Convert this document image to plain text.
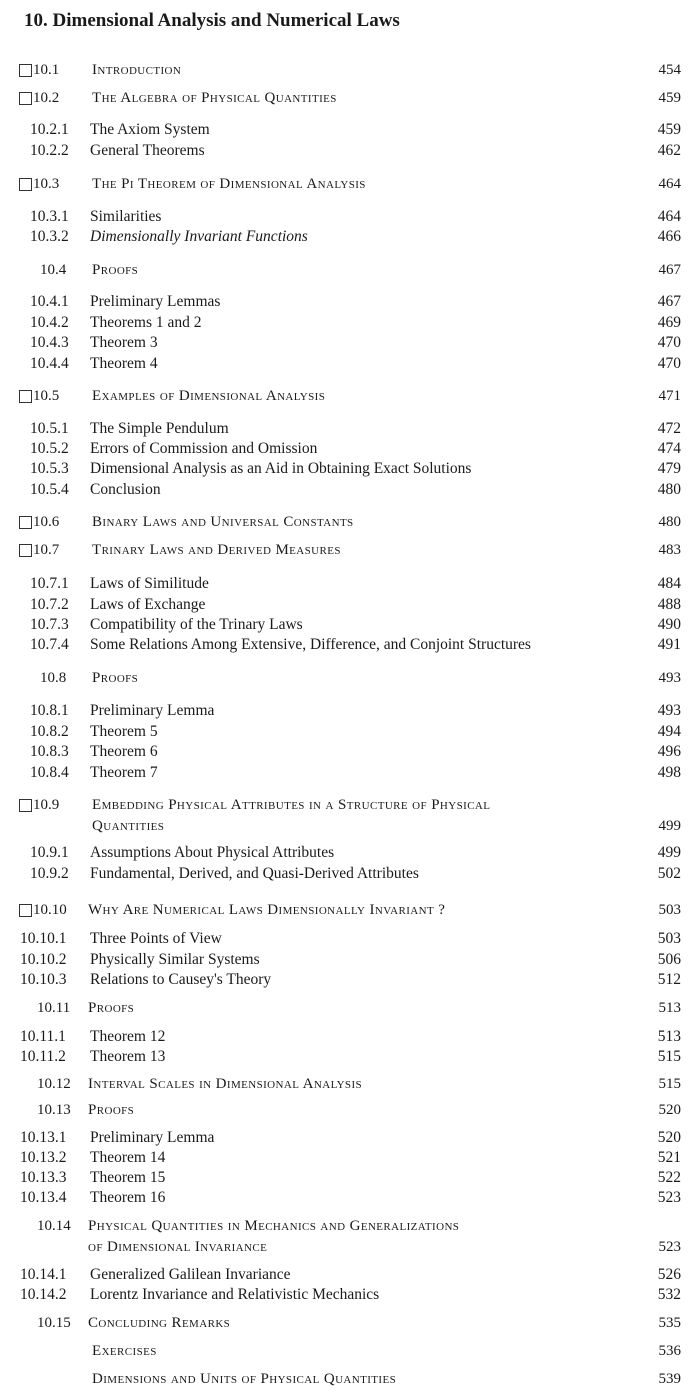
10. Dimensional Analysis and Numerical Laws
10.1 Introduction	454
10.2 The Algebra of Physical Quantities	459
10.2.1 The Axiom System	459
10.2.2 General Theorems	462
10.3 The Pi Theorem of Dimensional Analysis	464
10.3.1 Similarities	464
10.3.2 Dimensionally Invariant Functions	466
10.4 Proofs	467
10.4.1 Preliminary Lemmas	467
10.4.2 Theorems 1 and 2	469
10.4.3 Theorem 3	470
10.4.4 Theorem 4	470
10.5 Examples of Dimensional Analysis	471
10.5.1 The Simple Pendulum	472
10.5.2 Errors of Commission and Omission	474
10.5.3 Dimensional Analysis as an Aid in Obtaining Exact Solutions	479
10.5.4 Conclusion	480
10.6 Binary Laws and Universal Constants	480
10.7 Trinary Laws and Derived Measures	483
10.7.1 Laws of Similitude	484
10.7.2 Laws of Exchange	488
10.7.3 Compatibility of the Trinary Laws	490
10.7.4 Some Relations Among Extensive, Difference, and Conjoint Structures	491
10.8 Proofs	493
10.8.1 Preliminary Lemma	493
10.8.2 Theorem 5	494
10.8.3 Theorem 6	496
10.8.4 Theorem 7	498
10.9 Embedding Physical Attributes in a Structure of Physical
Quantities	499
10.9.1 Assumptions About Physical Attributes	499
10.9.2 Fundamental, Derived, and Quasi-Derived Attributes	502
10.10 Why Are Numerical Laws Dimensionally Invariant ?	503
10.10.1 Three Points of View	503
10.10.2 Physically Similar Systems	506
10.10.3 Relations to Causey's Theory	512
10.11 Proofs	513
10.11.1 Theorem 12	513
10.11.2 Theorem 13	515
10.12 Interval Scales in Dimensional Analysis	515
10.13 Proofs	520
10.13.1 Preliminary Lemma	520
10.13.2 Theorem 14	521
10.13.3 Theorem 15	522
10.13.4 Theorem 16	523
10.14 Physical Quantities in Mechanics and Generalizations
of Dimensional Invariance	523
10.14.1 Generalized Galilean Invariance	526
10.14.2 Lorentz Invariance and Relativistic Mechanics	532
10.15 Concluding Remarks	535
Exercises	536
Dimensions and Units of Physical Quantities	539
